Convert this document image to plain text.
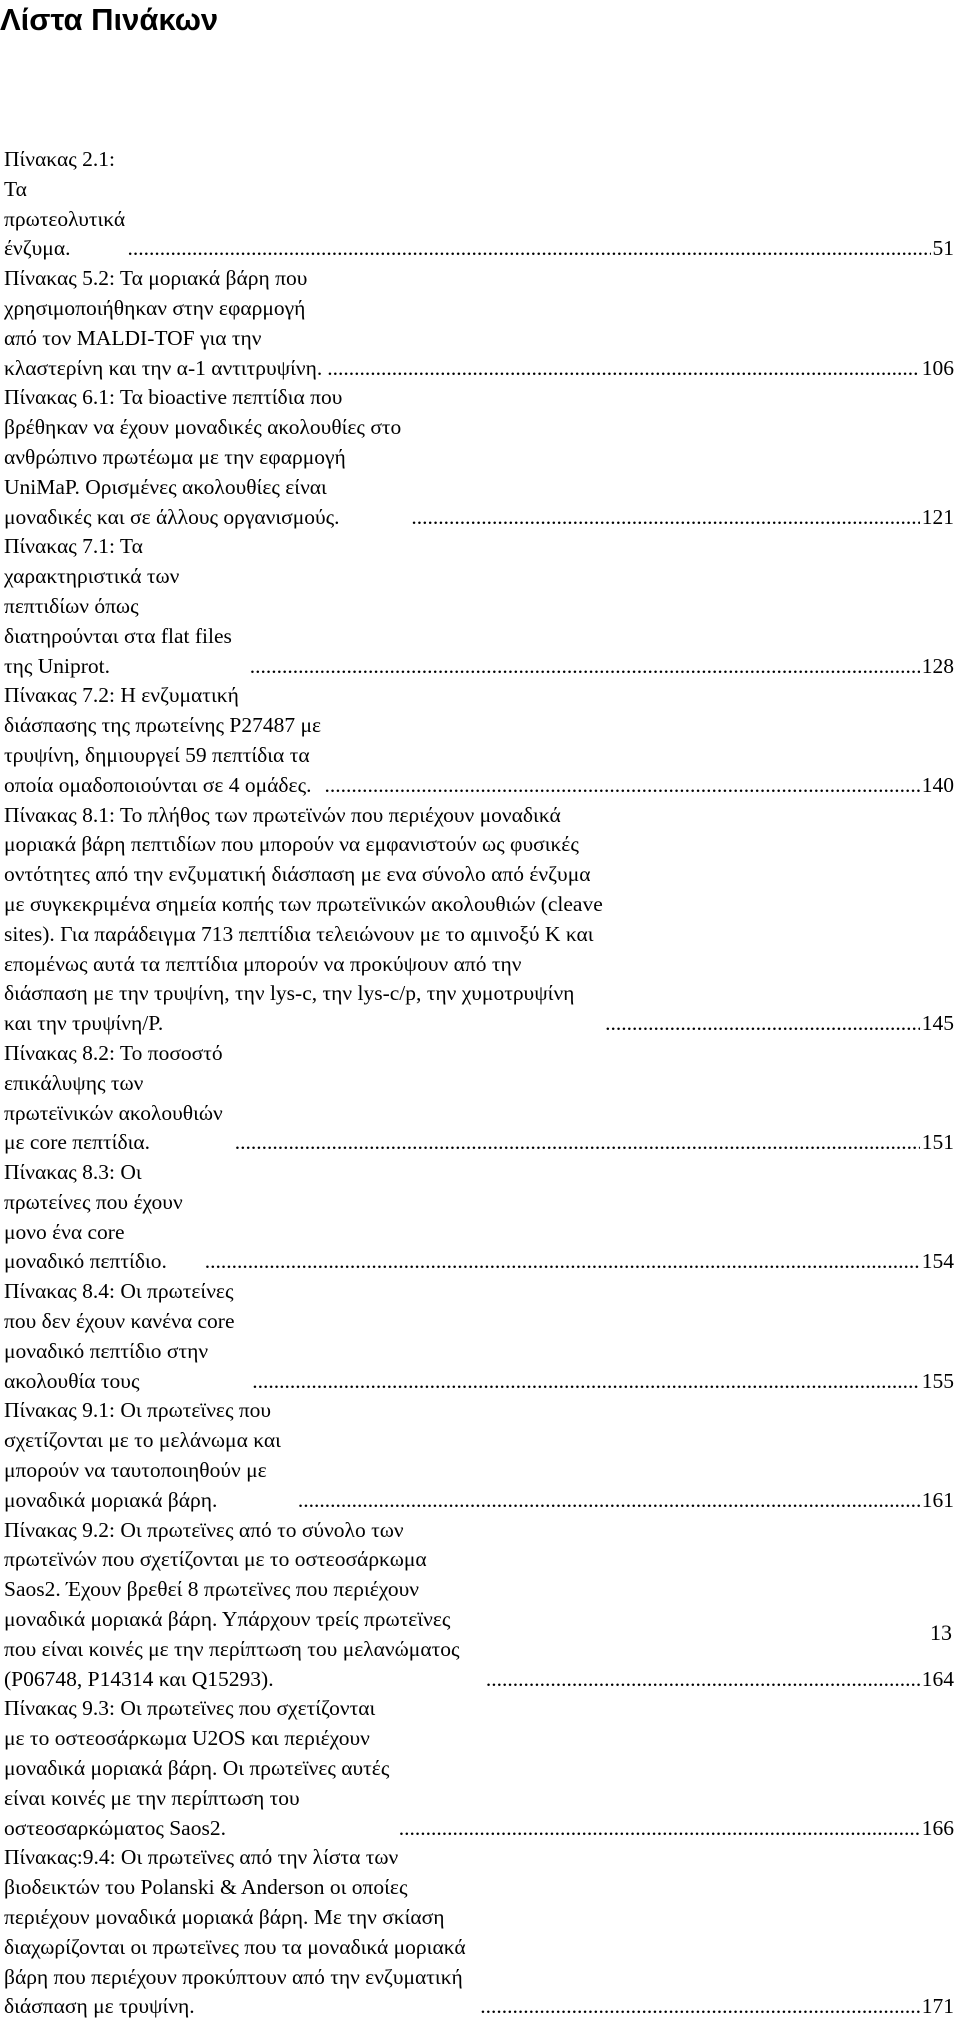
Λίστα Πινάκων
Πίνακας 2.1: Τα πρωτεολυτικά ένζυμα. .....	51
Πίνακας 5.2: Τα μοριακά βάρη που χρησιμοποιήθηκαν στην εφαρμογή από τον MALDI-TOF για την κλαστερίνη και την α-1 αντιτρυψίνη. .....	106
Πίνακας 6.1: Τα bioactive πεπτίδια που βρέθηκαν να έχουν μοναδικές ακολουθίες στο ανθρώπινο πρωτέωμα με την εφαρμογή UniMaP. Ορισμένες ακολουθίες είναι μοναδικές και σε άλλους οργανισμούς. .....	121
Πίνακας 7.1: Τα χαρακτηριστικά των πεπτιδίων όπως διατηρούνται στα flat files της Uniprot. .....	128
Πίνακας 7.2: Η ενζυματική διάσπασης της πρωτείνης P27487 με τρυψίνη, δημιουργεί 59 πεπτίδια τα οποία ομαδοποιούνται σε 4 ομάδες. .....	140
Πίνακας 8.1: Το πλήθος των πρωτεϊνών που περιέχουν μοναδικά μοριακά βάρη πεπτιδίων που μπορούν να εμφανιστούν ως φυσικές οντότητες από την ενζυματική διάσπαση με ενα σύνολο από ένζυμα με συγκεκριμένα σημεία κοπής των πρωτεϊνικών ακολουθιών (cleave sites). Για παράδειγμα 713 πεπτίδια τελειώνουν με το αμινοξύ K και επομένως αυτά τα πεπτίδια μπορούν να προκύψουν από την διάσπαση με την τρυψίνη, την lys-c, την lys-c/p, την χυμοτρυψίνη και την τρυψίνη/P. .....	145
Πίνακας 8.2: Το ποσοστό επικάλυψης των πρωτεϊνικών ακολουθιών με core πεπτίδια. .....	151
Πίνακας 8.3: Οι πρωτείνες που έχουν μονο ένα core μοναδικό πεπτίδιο. .....	154
Πίνακας 8.4: Οι πρωτείνες που δεν έχουν κανένα core μοναδικό πεπτίδιο στην ακολουθία τους .....	155
Πίνακας 9.1: Οι πρωτεϊνες που σχετίζονται με το μελάνωμα και μπορούν να ταυτοποιηθούν με μοναδικά μοριακά βάρη. .....	161
Πίνακας 9.2: Οι πρωτεϊνες από το σύνολο των πρωτεϊνών που σχετίζονται με το οστεοσάρκωμα Saos2. Έχουν βρεθεί 8 πρωτεϊνες που περιέχουν μοναδικά μοριακά βάρη. Υπάρχουν τρείς πρωτεϊνες που είναι κοινές με την περίπτωση του μελανώματος (P06748, P14314 και Q15293). .....	164
Πίνακας 9.3: Οι πρωτεϊνες που σχετίζονται με το οστεοσάρκωμα U2OS και περιέχουν μοναδικά μοριακά βάρη. Οι πρωτεϊνες αυτές είναι κοινές με την περίπτωση του οστεοσαρκώματος Saos2. .....	166
Πίνακας:9.4: Οι πρωτεϊνες από την λίστα των βιοδεικτών του Polanski & Anderson οι οποίες περιέχουν μοναδικά μοριακά βάρη. Με την σκίαση διαχωρίζονται οι πρωτεϊνες που τα μοναδικά μοριακά βάρη που περιέχουν προκύπτουν από την ενζυματική διάσπαση με τρυψίνη. .....	171
13
